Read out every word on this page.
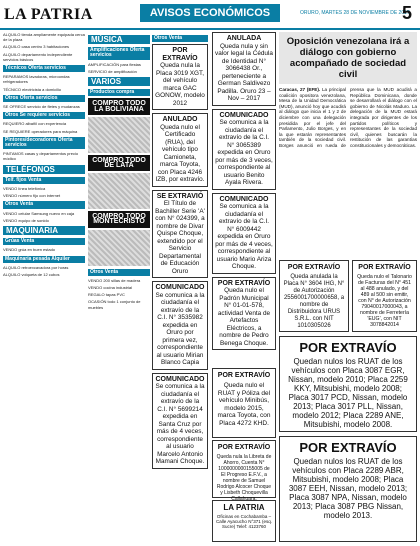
LA PATRIA	AVISOS ECONÓMICOS	ORURO, MARTES 28 DE NOVIEMBRE DE 2017
5
ALQUILO tienda ampliamente equipada cerca de la plaza
ALQUILO casa centro 3 habitaciones
ALQUILO departamento independiente servicios básicos
Técnicos Oferta servicios
REPARAMOS lavadoras, microondas refrigeradores
TÉCNICO electricista a domicilio
Otros Oferta servicios
SE OFRECE servicio de fletes y mudanzas
Otros Se requiere servicios
REQUIERO albañil con experiencia
SE REQUIERE operadores para máquina
Pintores/decoradores Oferta servicios
PINTAMOS casas y departamentos precio módico
TELÉFONOS
Telf. fijos Venta
VENDO línea telefónica
VENDO número fijo con internet
Otros Venta
VENDO celular Samsung nuevo en caja
VENDO equipo de sonido
MAQUINARIA
Grúas Venta
VENDO grúa en buen estado
Maquinaria pesada Alquiler
ALQUILO retroexcavadora por horas
ALQUILO volqueta de 12 cubos
MÚSICA
Amplificaciones Oferta servicios
AMPLIFICACIÓN para fiestas
SERVICIO de amplificación
VARIOS
Productos compra
COMPRO TODO LA BOLIVIANA
COMPRO TODO DE LATA
COMPRO TODO MONTECRISTO
Otros Venta
VENDO 200 sillas de madera
VENDO cocina industrial
REGALO tapas PVC
OCASIÓN todo 1 conjunto de muebles
Otros Venta
POR EXTRAVÍO
Queda nula la Placa 3019 XGT, del vehículo marca GAC GONOW, modelo 2012
ANULADO
Queda nulo el Certificado (RUA), del vehículo tipo Camioneta, marca Toyota, con Placa 4246 IZB, por extravío.
SE EXTRAVIÓ
El Título de Bachiller Serie 'A' con N° 024399, a nombre de Divar Quispe Choque, extendido por el Servicio Departamental de Educación Oruro
COMUNICADO
Se comunica a la ciudadanía el extravío de la C.I. N° 3535982 expedida en Oruro por primera vez, correspondiente al usuario Mirian Blanco Capia
COMUNICADO
Se comunica a la ciudadanía el extravío de la C.I. N° 5699214 expedida en Santa Cruz por más de 4 veces, correspondiente al usuario Marcelo Antonio Mamani Choque.
ANULADA
Queda nula y sin valor legal la Cédula de Identidad N° 3066438 Or., perteneciente a German Saldivezo Padilla. Oruro 23 – Nov – 2017
COMUNICADO
Se comunica a la ciudadanía el extravío de la C.I. N° 3065389 expedida en Oruro por más de 3 veces, correspondiente al usuario Benito Ayala Rivera.
COMUNICADO
Se comunica a la ciudadanía el extravío de la C.I. N° 6009442 expedida en Oruro por más de 4 veces, correspondiente al usuario Mario Ariza Choque.
POR EXTRAVÍO
Queda nulo el Padrón Municipal N° 01-01-578, actividad Venta de Artefactos Eléctricos, a nombre de Pedro Benega Choque.
POR EXTRAVÍO
Queda nulo el RUAT y Póliza del vehículo Minibús, modelo 2015, marca Toyota, con Placa 4272 KHD.
POR EXTRAVÍO
Queda nula la Libreta de Ahorro, Cuenta N° 1000000000155005 de El Progreso E.F.V., a nombre de Samuel Rodrigo Alcocer Choque y Lisbeth Choquevilla Callahuara.
LA PATRIA
Oficinas en Cochabamba – Calle Ayacucho N°371 (esq. Sucre) Telef: 4123760
Oposición venezolana irá a diálogo con gobierno acompañado de sociedad civil
Caracas, 27 (EFE). La principal coalición opositora venezolana, Mesa de la Unidad Democrática (MUD), anunció hoy que acudirá al diálogo que inicia el 1 y 2 de diciembre con una delegación presidida por el jefe del Parlamento, Julio Borges, y en la que estarán representantes también de la sociedad civil. Borges anunció en rueda de prensa que la MUD acudirá a República Dominicana, donde se desarrollará el diálogo con el gobierno de Nicolás Maduro. La delegación de la MUD estará integrada por dirigentes de los partidos políticos y representantes de la sociedad civil, quienes buscarán la restitución de las garantías constitucionales y democráticas.
POR EXTRAVÍO
Queda anulada la Placa N° 3604 IHG, N° de Autorización 2556001700000658, a nombre de Distribuidora URUS S.R.L. con NIT 1010305026
POR EXTRAVÍO
Queda nulo el Talonario de Facturas del N° 451 al 488 anulado, y del 489 al 500 sin emitir, con N° de Autorización 79040017000043, a nombre de Ferretería 'EUG', con NIT 3078842014
POR EXTRAVÍO
Quedan nulos los RUAT de los vehículos con Placa 3087 EGR, Nissan, modelo 2010; Placa 2259 KKY, Mitsubishi, modelo 2008; Placa 3017 PCD, Nissan, modelo 2013; Placa 3017 PLL, Nissan, modelo 2012; Placa 2289 ANE, Mitsubishi, modelo 2008.
POR EXTRAVÍO
Quedan nulos los RUAT de los vehículos con Placa 2289 ABR, Mitsubishi, modelo 2008; Placa 3087 EEH, Nissan, modelo 2013; Placa 3087 NPA, Nissan, modelo 2013; Placa 3087 PBG Nissan, modelo 2013.
